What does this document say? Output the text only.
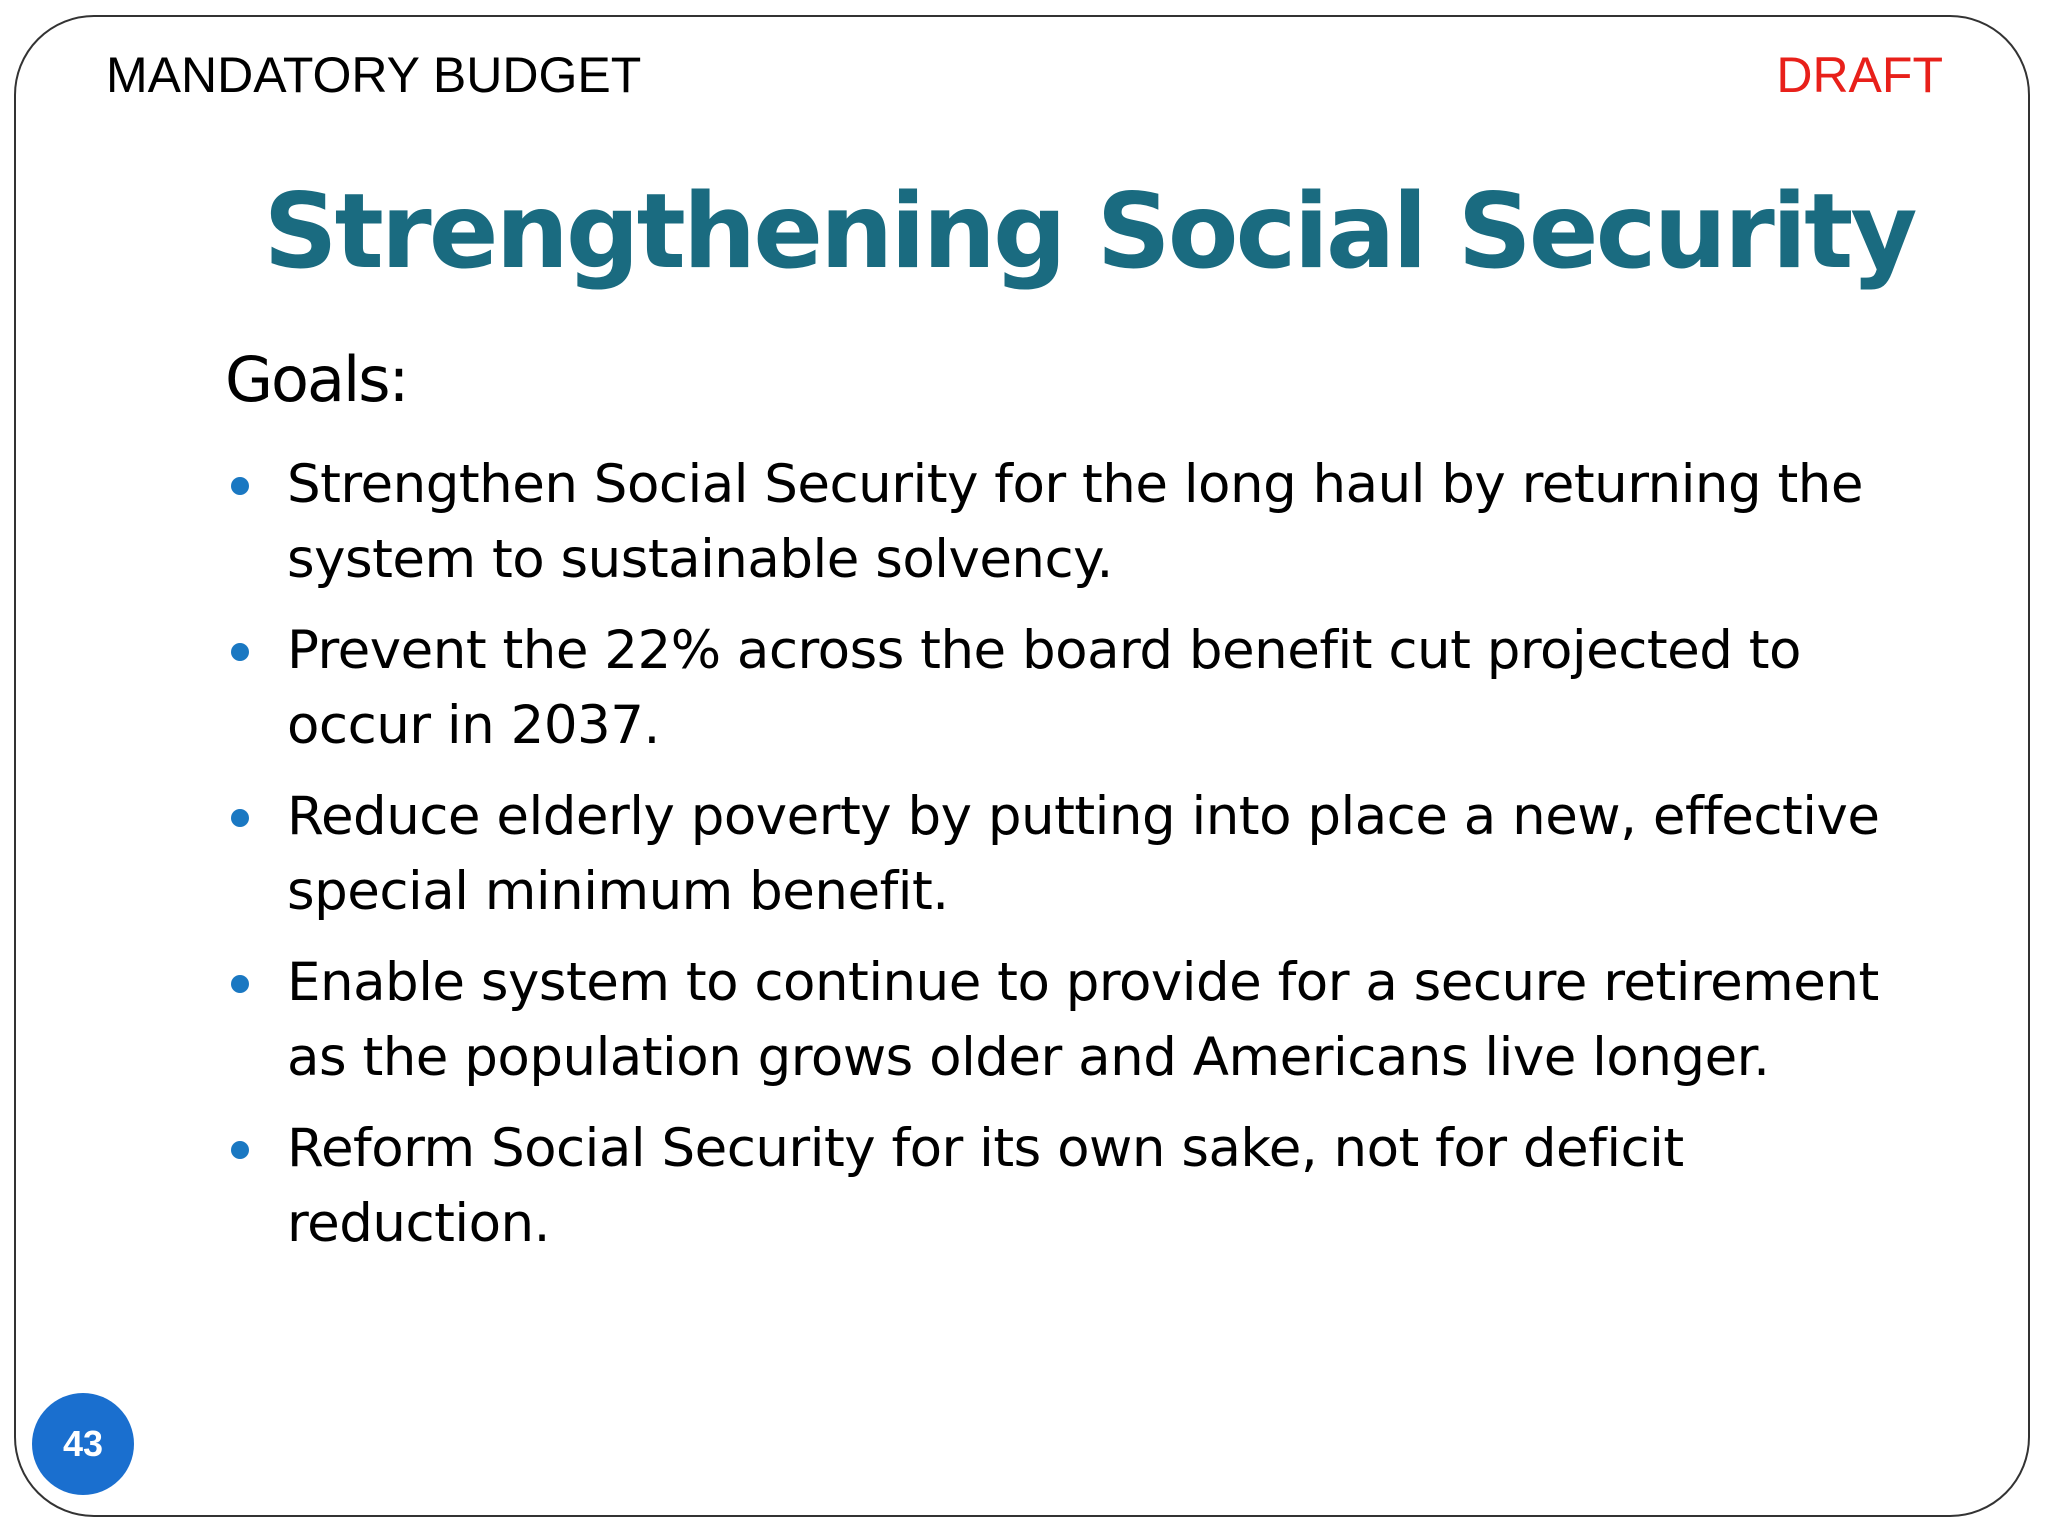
MANDATORY BUDGET	DRAFT
Strengthening Social Security
Goals:
Strengthen Social Security for the long haul by returning the system to sustainable solvency.
Prevent the 22% across the board benefit cut projected to occur in 2037.
Reduce elderly poverty by putting into place a new, effective special minimum benefit.
Enable system to continue to provide for a secure retirement as the population grows older and Americans live longer.
Reform Social Security for its own sake, not for deficit reduction.
43
